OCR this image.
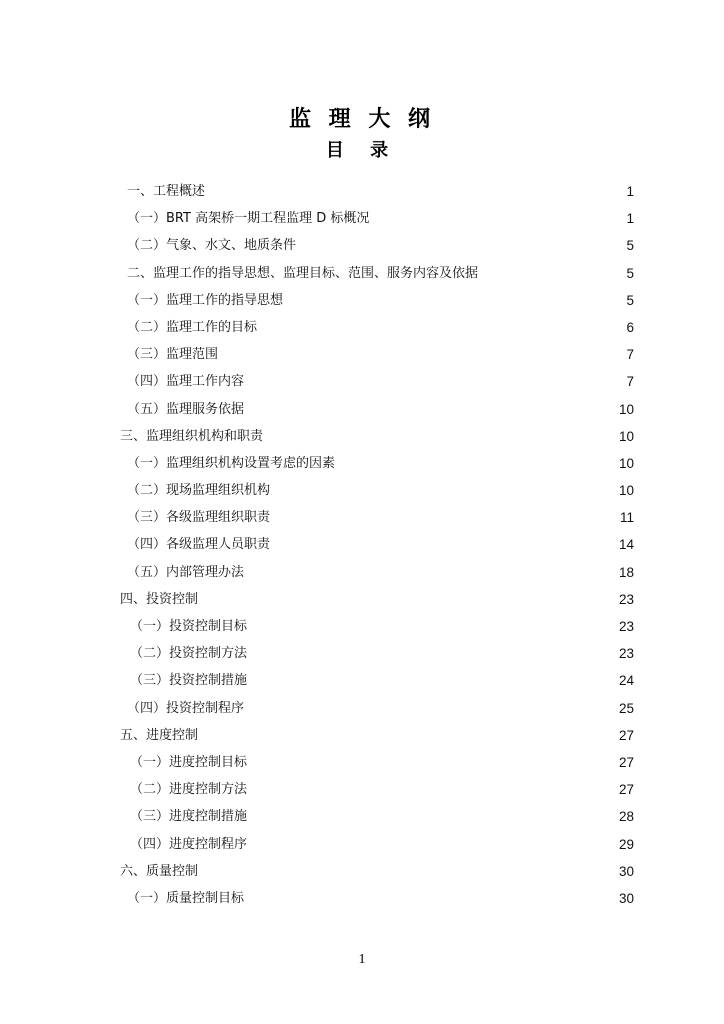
监 理 大 纲
目 录
一、工程概述	1
（一）BRT 高架桥一期工程监理 D 标概况	1
（二）气象、水文、地质条件	5
二、监理工作的指导思想、监理目标、范围、服务内容及依据	5
（一）监理工作的指导思想	5
（二）监理工作的目标	6
（三）监理范围	7
（四）监理工作内容	7
（五）监理服务依据	10
三、监理组织机构和职责	10
（一）监理组织机构设置考虑的因素	10
（二）现场监理组织机构	10
（三）各级监理组织职责	11
（四）各级监理人员职责	14
（五）内部管理办法	18
四、投资控制	23
（一）投资控制目标	23
（二）投资控制方法	23
（三）投资控制措施	24
（四）投资控制程序	25
五、进度控制	27
（一）进度控制目标	27
（二）进度控制方法	27
（三）进度控制措施	28
（四）进度控制程序	29
六、质量控制	30
（一）质量控制目标	30
1
